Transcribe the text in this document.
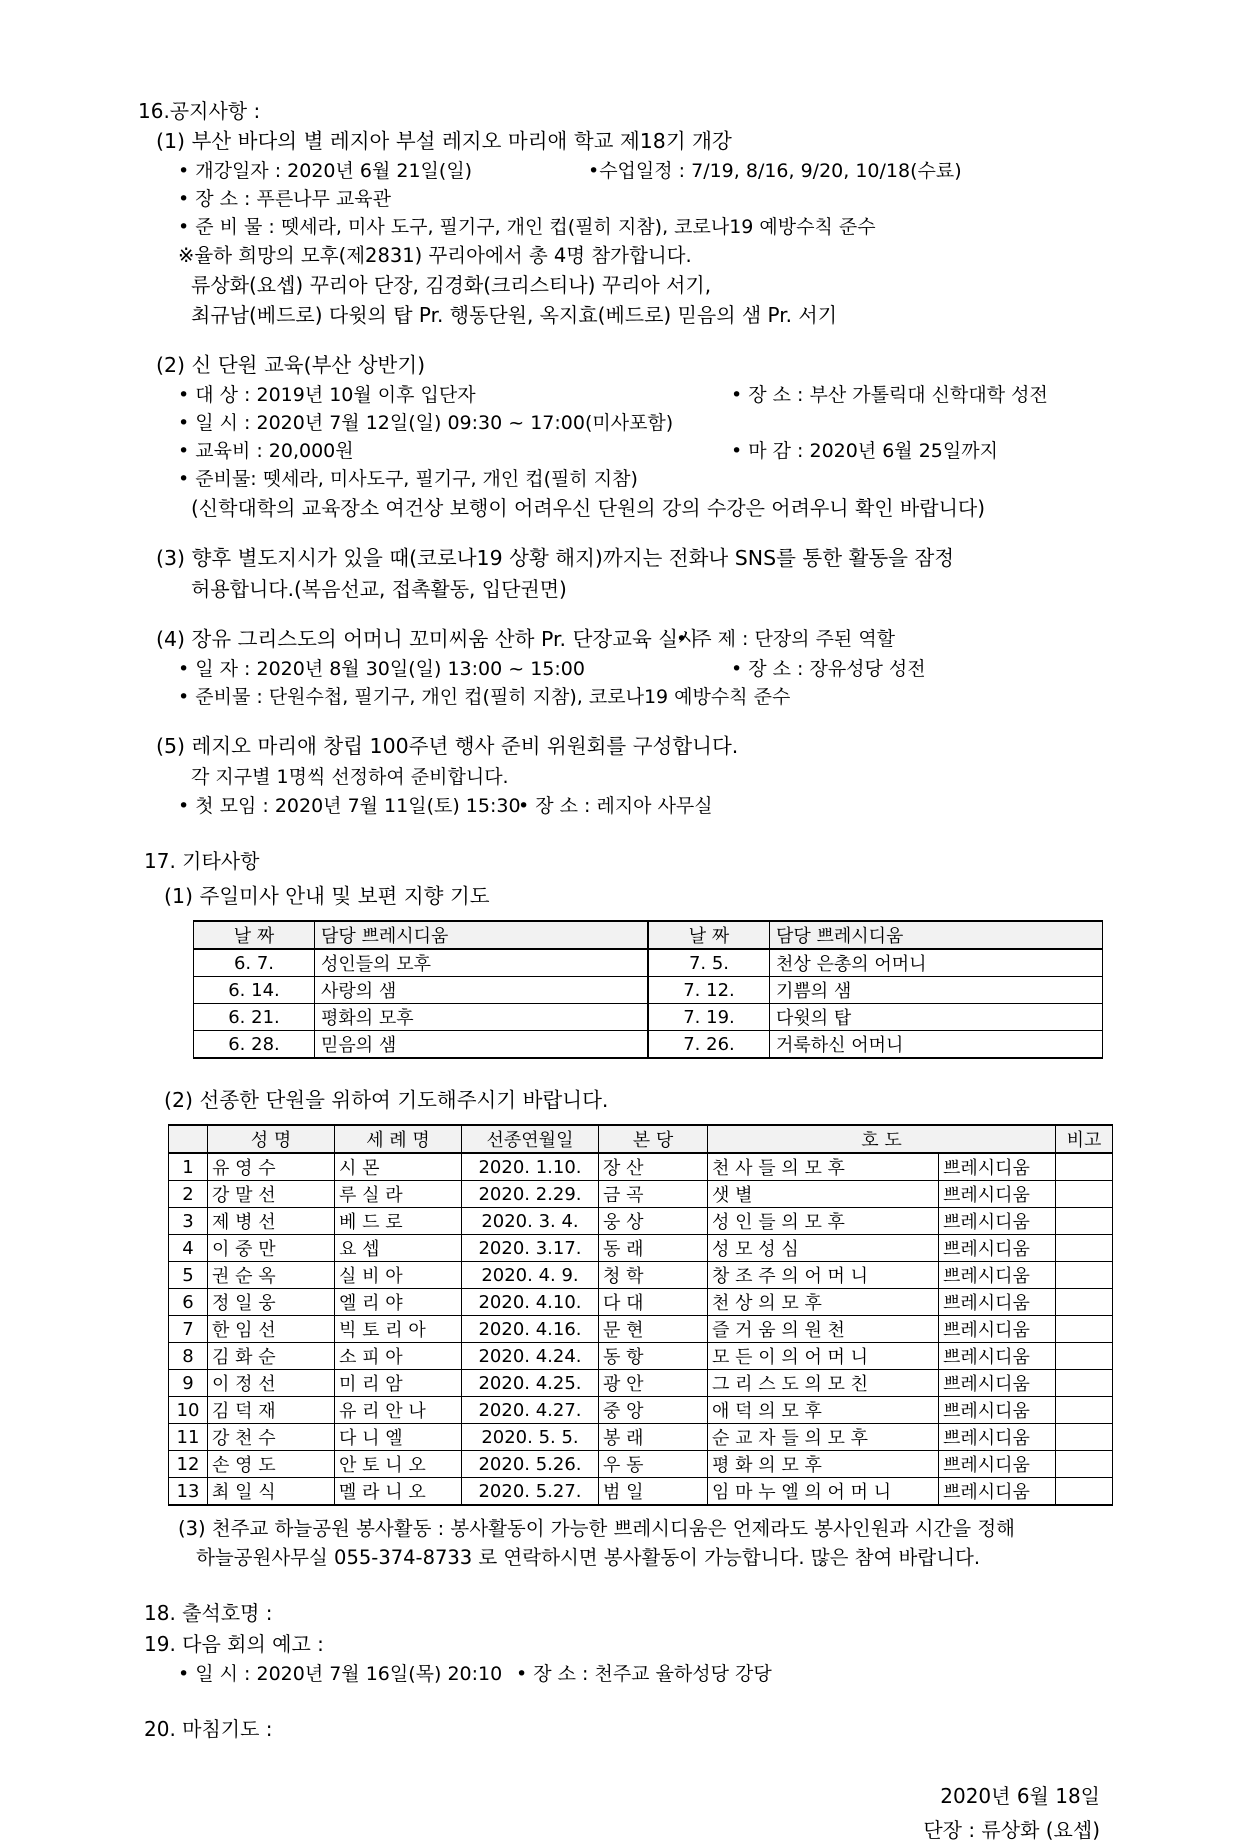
16.공지사항 :
(1) 부산 바다의 별 레지아 부설 레지오 마리애 학교 제18기 개강
• 개강일자 : 2020년 6월 21일(일)	•수업일정 : 7/19, 8/16, 9/20, 10/18(수료)
• 장 소 : 푸른나무 교육관
• 준 비 물 : 뗏세라, 미사 도구, 필기구, 개인 컵(필히 지참), 코로나19 예방수칙 준수
※율하 희망의 모후(제2831) 꾸리아에서 총 4명 참가합니다.
류상화(요셉) 꾸리아 단장, 김경화(크리스티나) 꾸리아 서기,
최규남(베드로) 다윗의 탑 Pr. 행동단원, 옥지효(베드로) 믿음의 샘 Pr. 서기
(2) 신 단원 교육(부산 상반기)
• 대 상 : 2019년 10월 이후 입단자	• 장 소 : 부산 가톨릭대 신학대학 성전
• 일 시 : 2020년 7월 12일(일) 09:30 ~ 17:00(미사포함)
• 교육비 : 20,000원	• 마 감 : 2020년 6월 25일까지
• 준비물: 뗏세라, 미사도구, 필기구, 개인 컵(필히 지참)
(신학대학의 교육장소 여건상 보행이 어려우신 단원의 강의 수강은 어려우니 확인 바랍니다)
(3) 향후 별도지시가 있을 때(코로나19 상황 해지)까지는 전화나 SNS를 통한 활동을 잠정
허용합니다.(복음선교, 접촉활동, 입단권면)
(4) 장유 그리스도의 어머니 꼬미씨움 산하 Pr. 단장교육 실시
• 주 제 : 단장의 주된 역할
• 일 자 : 2020년 8월 30일(일) 13:00 ~ 15:00	• 장 소 : 장유성당 성전
• 준비물 : 단원수첩, 필기구, 개인 컵(필히 지참), 코로나19 예방수칙 준수
(5) 레지오 마리애 창립 100주년 행사 준비 위원회를 구성합니다.
각 지구별 1명씩 선정하여 준비합니다.
• 첫 모임 : 2020년 7월 11일(토) 15:30
• 장 소 : 레지아 사무실
17. 기타사항
(1) 주일미사 안내 및 보편 지향 기도
날 짜	담당 쁘레시디움	날 짜	담당 쁘레시디움
6. 7.	성인들의 모후	7. 5.	천상 은총의 어머니
6. 14.	사랑의 샘	7. 12.	기쁨의 샘
6. 21.	평화의 모후	7. 19.	다윗의 탑
6. 28.	믿음의 샘	7. 26.	거룩하신 어머니
(2) 선종한 단원을 위하여 기도해주시기 바랍니다.
	성 명	세 례 명	선종연월일	본 당	호 도		비고
1	유 영 수	시 몬	2020. 1.10.	장 산	천 사 들 의 모 후	쁘레시디움	
2	강 말 선	루 실 라	2020. 2.29.	금 곡	샛 별	쁘레시디움	
3	제 병 선	베 드 로	2020. 3. 4.	웅 상	성 인 들 의 모 후	쁘레시디움	
4	이 중 만	요 셉	2020. 3.17.	동 래	성 모 성 심	쁘레시디움	
5	권 순 옥	실 비 아	2020. 4. 9.	청 학	창 조 주 의 어 머 니	쁘레시디움	
6	정 일 웅	엘 리 야	2020. 4.10.	다 대	천 상 의 모 후	쁘레시디움	
7	한 임 선	빅 토 리 아	2020. 4.16.	문 현	즐 거 움 의 원 천	쁘레시디움	
8	김 화 순	소 피 아	2020. 4.24.	동 항	모 든 이 의 어 머 니	쁘레시디움	
9	이 정 선	미 리 암	2020. 4.25.	광 안	그 리 스 도 의 모 친	쁘레시디움	
10	김 덕 재	유 리 안 나	2020. 4.27.	중 앙	애 덕 의 모 후	쁘레시디움	
11	강 천 수	다 니 엘	2020. 5. 5.	봉 래	순 교 자 들 의 모 후	쁘레시디움	
12	손 영 도	안 토 니 오	2020. 5.26.	우 동	평 화 의 모 후	쁘레시디움	
13	최 일 식	멜 라 니 오	2020. 5.27.	범 일	임 마 누 엘 의 어 머 니	쁘레시디움	
(3) 천주교 하늘공원 봉사활동 : 봉사활동이 가능한 쁘레시디움은 언제라도 봉사인원과 시간을 정해
하늘공원사무실 055-374-8733 로 연락하시면 봉사활동이 가능합니다. 많은 참여 바랍니다.
18. 출석호명 :
19. 다음 회의 예고 :
• 일 시 : 2020년 7월 16일(목) 20:10 • 장 소 : 천주교 율하성당 강당
20. 마침기도 :
2020년 6월 18일
단장 : 류상화 (요셉)
